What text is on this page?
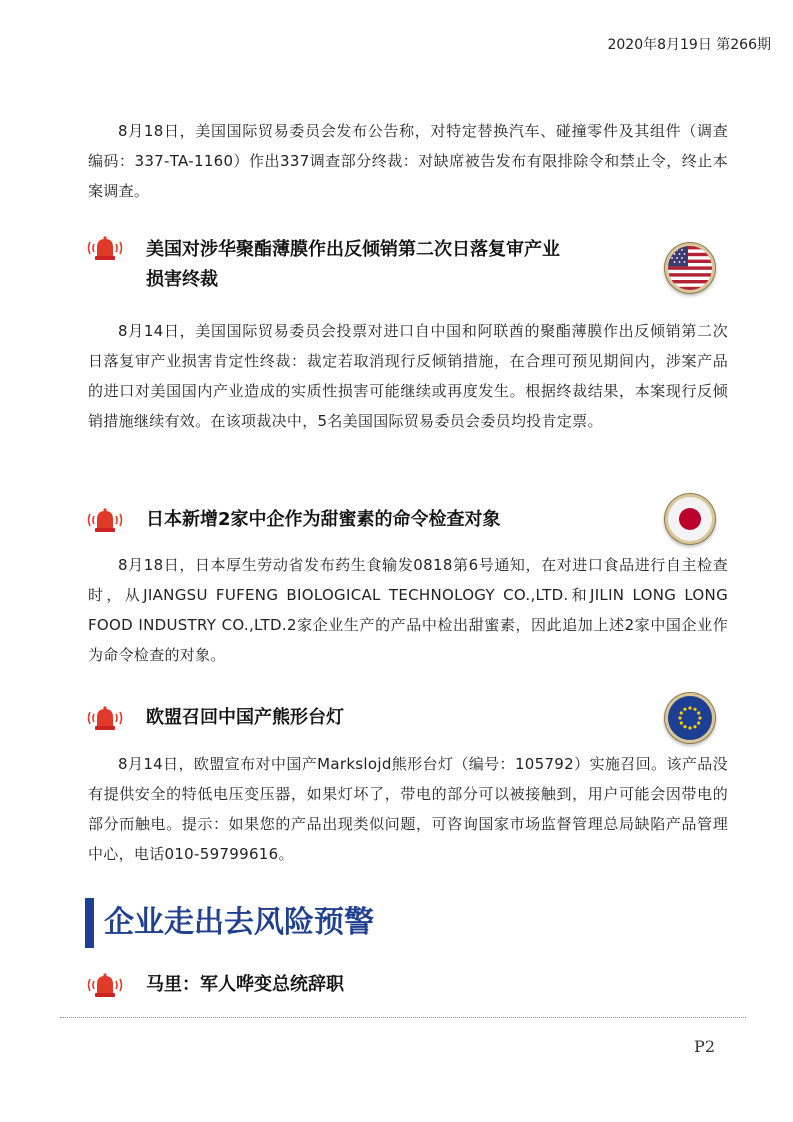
2020年8月19日 第266期

8月18日，美国国际贸易委员会发布公告称，对特定替换汽车、碰撞零件及其组件（调查编码：337-TA-1160）作出337调查部分终裁：对缺席被告发布有限排除令和禁止令，终止本案调查。

美国对涉华聚酯薄膜作出反倾销第二次日落复审产业
损害终裁

8月14日，美国国际贸易委员会投票对进口自中国和阿联酋的聚酯薄膜作出反倾销第二次日落复审产业损害肯定性终裁：裁定若取消现行反倾销措施，在合理可预见期间内，涉案产品的进口对美国国内产业造成的实质性损害可能继续或再度发生。根据终裁结果，本案现行反倾销措施继续有效。在该项裁决中，5名美国国际贸易委员会委员均投肯定票。

日本新增2家中企作为甜蜜素的命令检查对象

8月18日，日本厚生劳动省发布药生食输发0818第6号通知，在对进口食品进行自主检查时，从JIANGSU FUFENG BIOLOGICAL TECHNOLOGY CO.,LTD.和JILIN LONG LONG FOOD INDUSTRY CO.,LTD.2家企业生产的产品中检出甜蜜素，因此追加上述2家中国企业作为命令检查的对象。

欧盟召回中国产熊形台灯

8月14日，欧盟宣布对中国产Markslojd熊形台灯（编号：105792）实施召回。该产品没有提供安全的特低电压变压器，如果灯坏了，带电的部分可以被接触到，用户可能会因带电的部分而触电。提示：如果您的产品出现类似问题，可咨询国家市场监督管理总局缺陷产品管理中心，电话010-59799616。

企业走出去风险预警

马里：军人哗变总统辞职

P2
